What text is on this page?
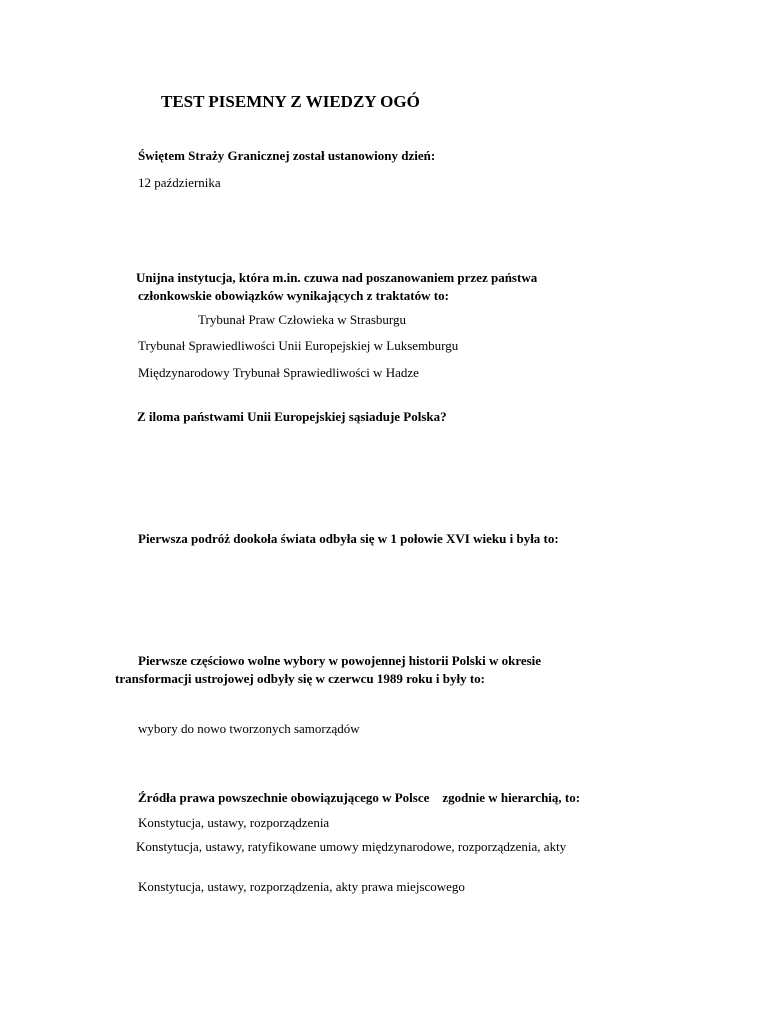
TEST PISEMNY Z WIEDZY OGÓ
Świętem Straży Granicznej został ustanowiony dzień:
12 października
Unijna instytucja, która m.in. czuwa nad poszanowaniem przez państwa
członkowskie obowiązków wynikających z traktatów to:
Trybunał Praw Człowieka w Strasburgu
Trybunał Sprawiedliwości Unii Europejskiej w Luksemburgu
Międzynarodowy Trybunał Sprawiedliwości w Hadze
Z iloma państwami Unii Europejskiej sąsiaduje Polska?
Pierwsza podróż dookoła świata odbyła się w 1 połowie XVI wieku i była to:
Pierwsze częściowo wolne wybory w powojennej historii Polski w okresie
transformacji ustrojowej odbyły się w czerwcu 1989 roku i były to:
wybory do nowo tworzonych samorządów
Źródła prawa powszechnie obowiązującego w Polsce    zgodnie w hierarchią, to:
Konstytucja, ustawy, rozporządzenia
Konstytucja, ustawy, ratyfikowane umowy międzynarodowe, rozporządzenia, akty
Konstytucja, ustawy, rozporządzenia, akty prawa miejscowego
